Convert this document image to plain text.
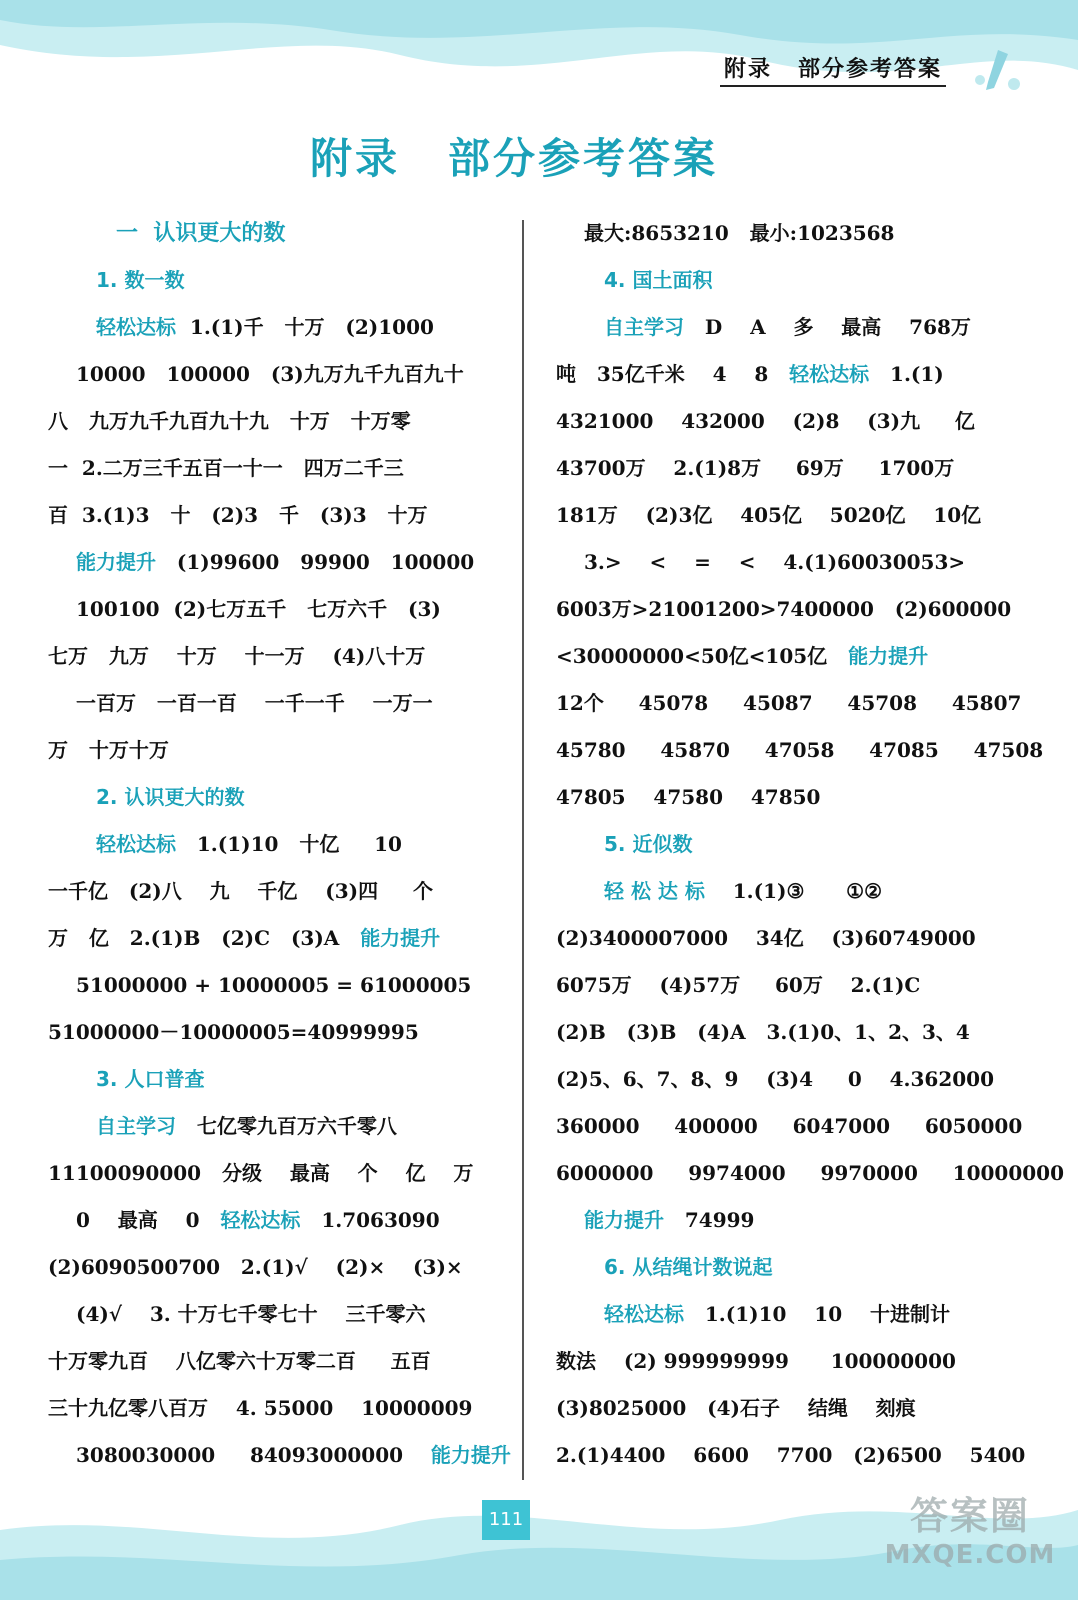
附录 部分参考答案
附录 部分参考答案
一  认识更大的数
1. 数一数
轻松达标  1.(1)千   十万   (2)1000
10000   100000   (3)九万九千九百九十
八   九万九千九百九十九   十万   十万零
一  2.二万三千五百一十一   四万二千三
百  3.(1)3   十   (2)3   千   (3)3   十万
能力提升   (1)99600   99900   100000
100100  (2)七万五千   七万六千   (3)
七万   九万    十万    十一万    (4)八十万
一百万   一百一百    一千一千    一万一
万   十万十万
2. 认识更大的数
轻松达标   1.(1)10   十亿     10
一千亿   (2)八    九    千亿    (3)四     个
万   亿   2.(1)B   (2)C   (3)A   能力提升
51000000 + 10000005 = 61000005
51000000－10000005=40999995
3. 人口普查
自主学习   七亿零九百万六千零八
11100090000   分级    最高    个    亿    万
0    最高    0   轻松达标   1.7063090
(2)6090500700   2.(1)√    (2)×    (3)×
(4)√    3. 十万七千零七十    三千零六
十万零九百    八亿零六十万零二百     五百
三十九亿零八百万    4. 55000    10000009
3080030000     84093000000    能力提升
最大:8653210   最小:1023568
4. 国土面积
自主学习   D    A    多    最高    768万
吨   35亿千米    4    8   轻松达标   1.(1)
4321000    432000    (2)8    (3)九     亿
43700万    2.(1)8万     69万     1700万
181万    (2)3亿    405亿    5020亿    10亿
3.>    <    =    <    4.(1)60030053>
6003万>21001200>7400000   (2)600000
<30000000<50亿<105亿   能力提升
12个     45078     45087     45708     45807
45780     45870     47058     47085     47508
47805    47580    47850
5. 近似数
轻 松 达 标    1.(1)③      ①②
(2)3400007000    34亿    (3)60749000
6075万    (4)57万     60万    2.(1)C
(2)B   (3)B   (4)A   3.(1)0、1、2、3、4
(2)5、6、7、8、9    (3)4     0    4.362000
360000     400000     6047000     6050000
6000000     9974000     9970000     10000000
能力提升   74999
6. 从结绳计数说起
轻松达标   1.(1)10    10    十进制计
数法    (2) 999999999      100000000
(3)8025000   (4)石子    结绳    刻痕
2.(1)4400    6600    7700   (2)6500    5400
111	答案圈
MXQE.COM
